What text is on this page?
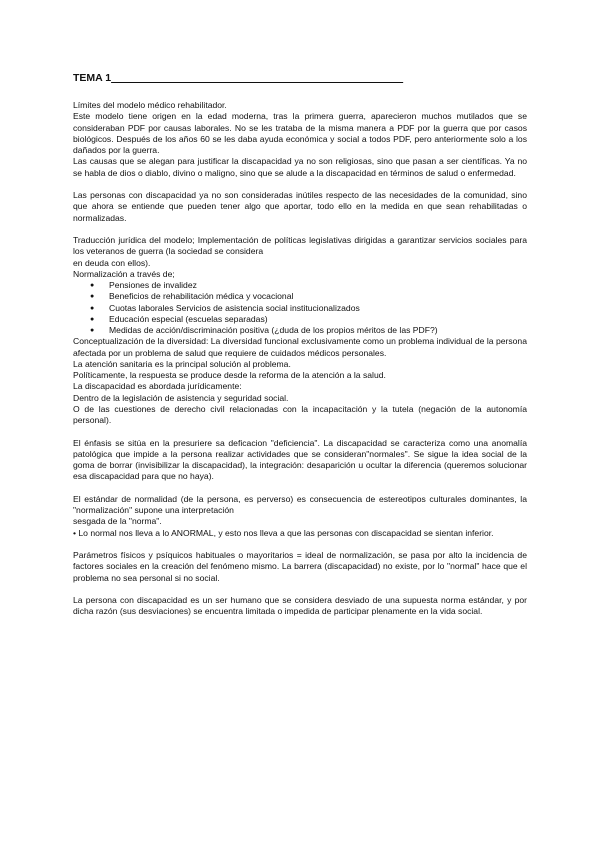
TEMA 1__________________________________________________

Límites del modelo médico rehabilitador.

Este modelo tiene origen en la edad moderna, tras la primera guerra, aparecieron muchos mutilados que se consideraban PDF por causas laborales. No se les trataba de la misma manera a PDF por la guerra que por casos biológicos. Después de los años 60 se les daba ayuda económica y social a todos PDF, pero anteriormente solo a los dañados por la guerra.

Las causas que se alegan para justificar la discapacidad ya no son religiosas, sino que pasan a ser científicas. Ya no se habla de dios o diablo, divino o maligno, sino que se alude a la discapacidad en términos de salud o enfermedad.

Las personas con discapacidad ya no son consideradas inútiles respecto de las necesidades de la comunidad, sino que ahora se entiende que pueden tener algo que aportar, todo ello en la medida en que sean rehabilitadas o normalizadas.

Traducción jurídica del modelo; Implementación de políticas legislativas dirigidas a garantizar servicios sociales para los veteranos de guerra (la sociedad se considera

en deuda con ellos).

Normalización a través de;

● Pensiones de invalidez
● Beneficios de rehabilitación médica y vocacional
● Cuotas laborales Servicios de asistencia social institucionalizados
● Educación especial (escuelas separadas)
● Medidas de acción/discriminación positiva (¿duda de los propios méritos de las PDF?)

Conceptualización de la diversidad: La diversidad funcional exclusivamente como un problema individual de la persona afectada por un problema de salud que requiere de cuidados médicos personales.

La atención sanitaria es la principal solución al problema.

Políticamente, la respuesta se produce desde la reforma de la atención a la salud.

La discapacidad es abordada jurídicamente:

Dentro de la legislación de asistencia y seguridad social.

O de las cuestiones de derecho civil relacionadas con la incapacitación y la tutela (negación de la autonomía personal).

El énfasis se sitúa en la presuriere sa deficacion "deficiencia". La discapacidad se caracteriza como una anomalía patológica que impide a la persona realizar actividades que se consideran"normales". Se sigue la idea social de la goma de borrar (invisibilizar la discapacidad), la integración: desaparición u ocultar la diferencia (queremos solucionar esa discapacidad para que no haya).

El estándar de normalidad (de la persona, es perverso) es consecuencia de estereotipos culturales dominantes, la "normalización" supone una interpretación

sesgada de la "norma".

• Lo normal nos lleva a lo ANORMAL, y esto nos lleva a que las personas con discapacidad se sientan inferior.

Parámetros físicos y psíquicos habituales o mayoritarios = ideal de normalización, se pasa por alto la incidencia de factores sociales en la creación del fenómeno mismo. La barrera (discapacidad) no existe, por lo "normal" hace que el problema no sea personal si no social.

La persona con discapacidad es un ser humano que se considera desviado de una supuesta norma estándar, y por dicha razón (sus desviaciones) se encuentra limitada o impedida de participar plenamente en la vida social.
